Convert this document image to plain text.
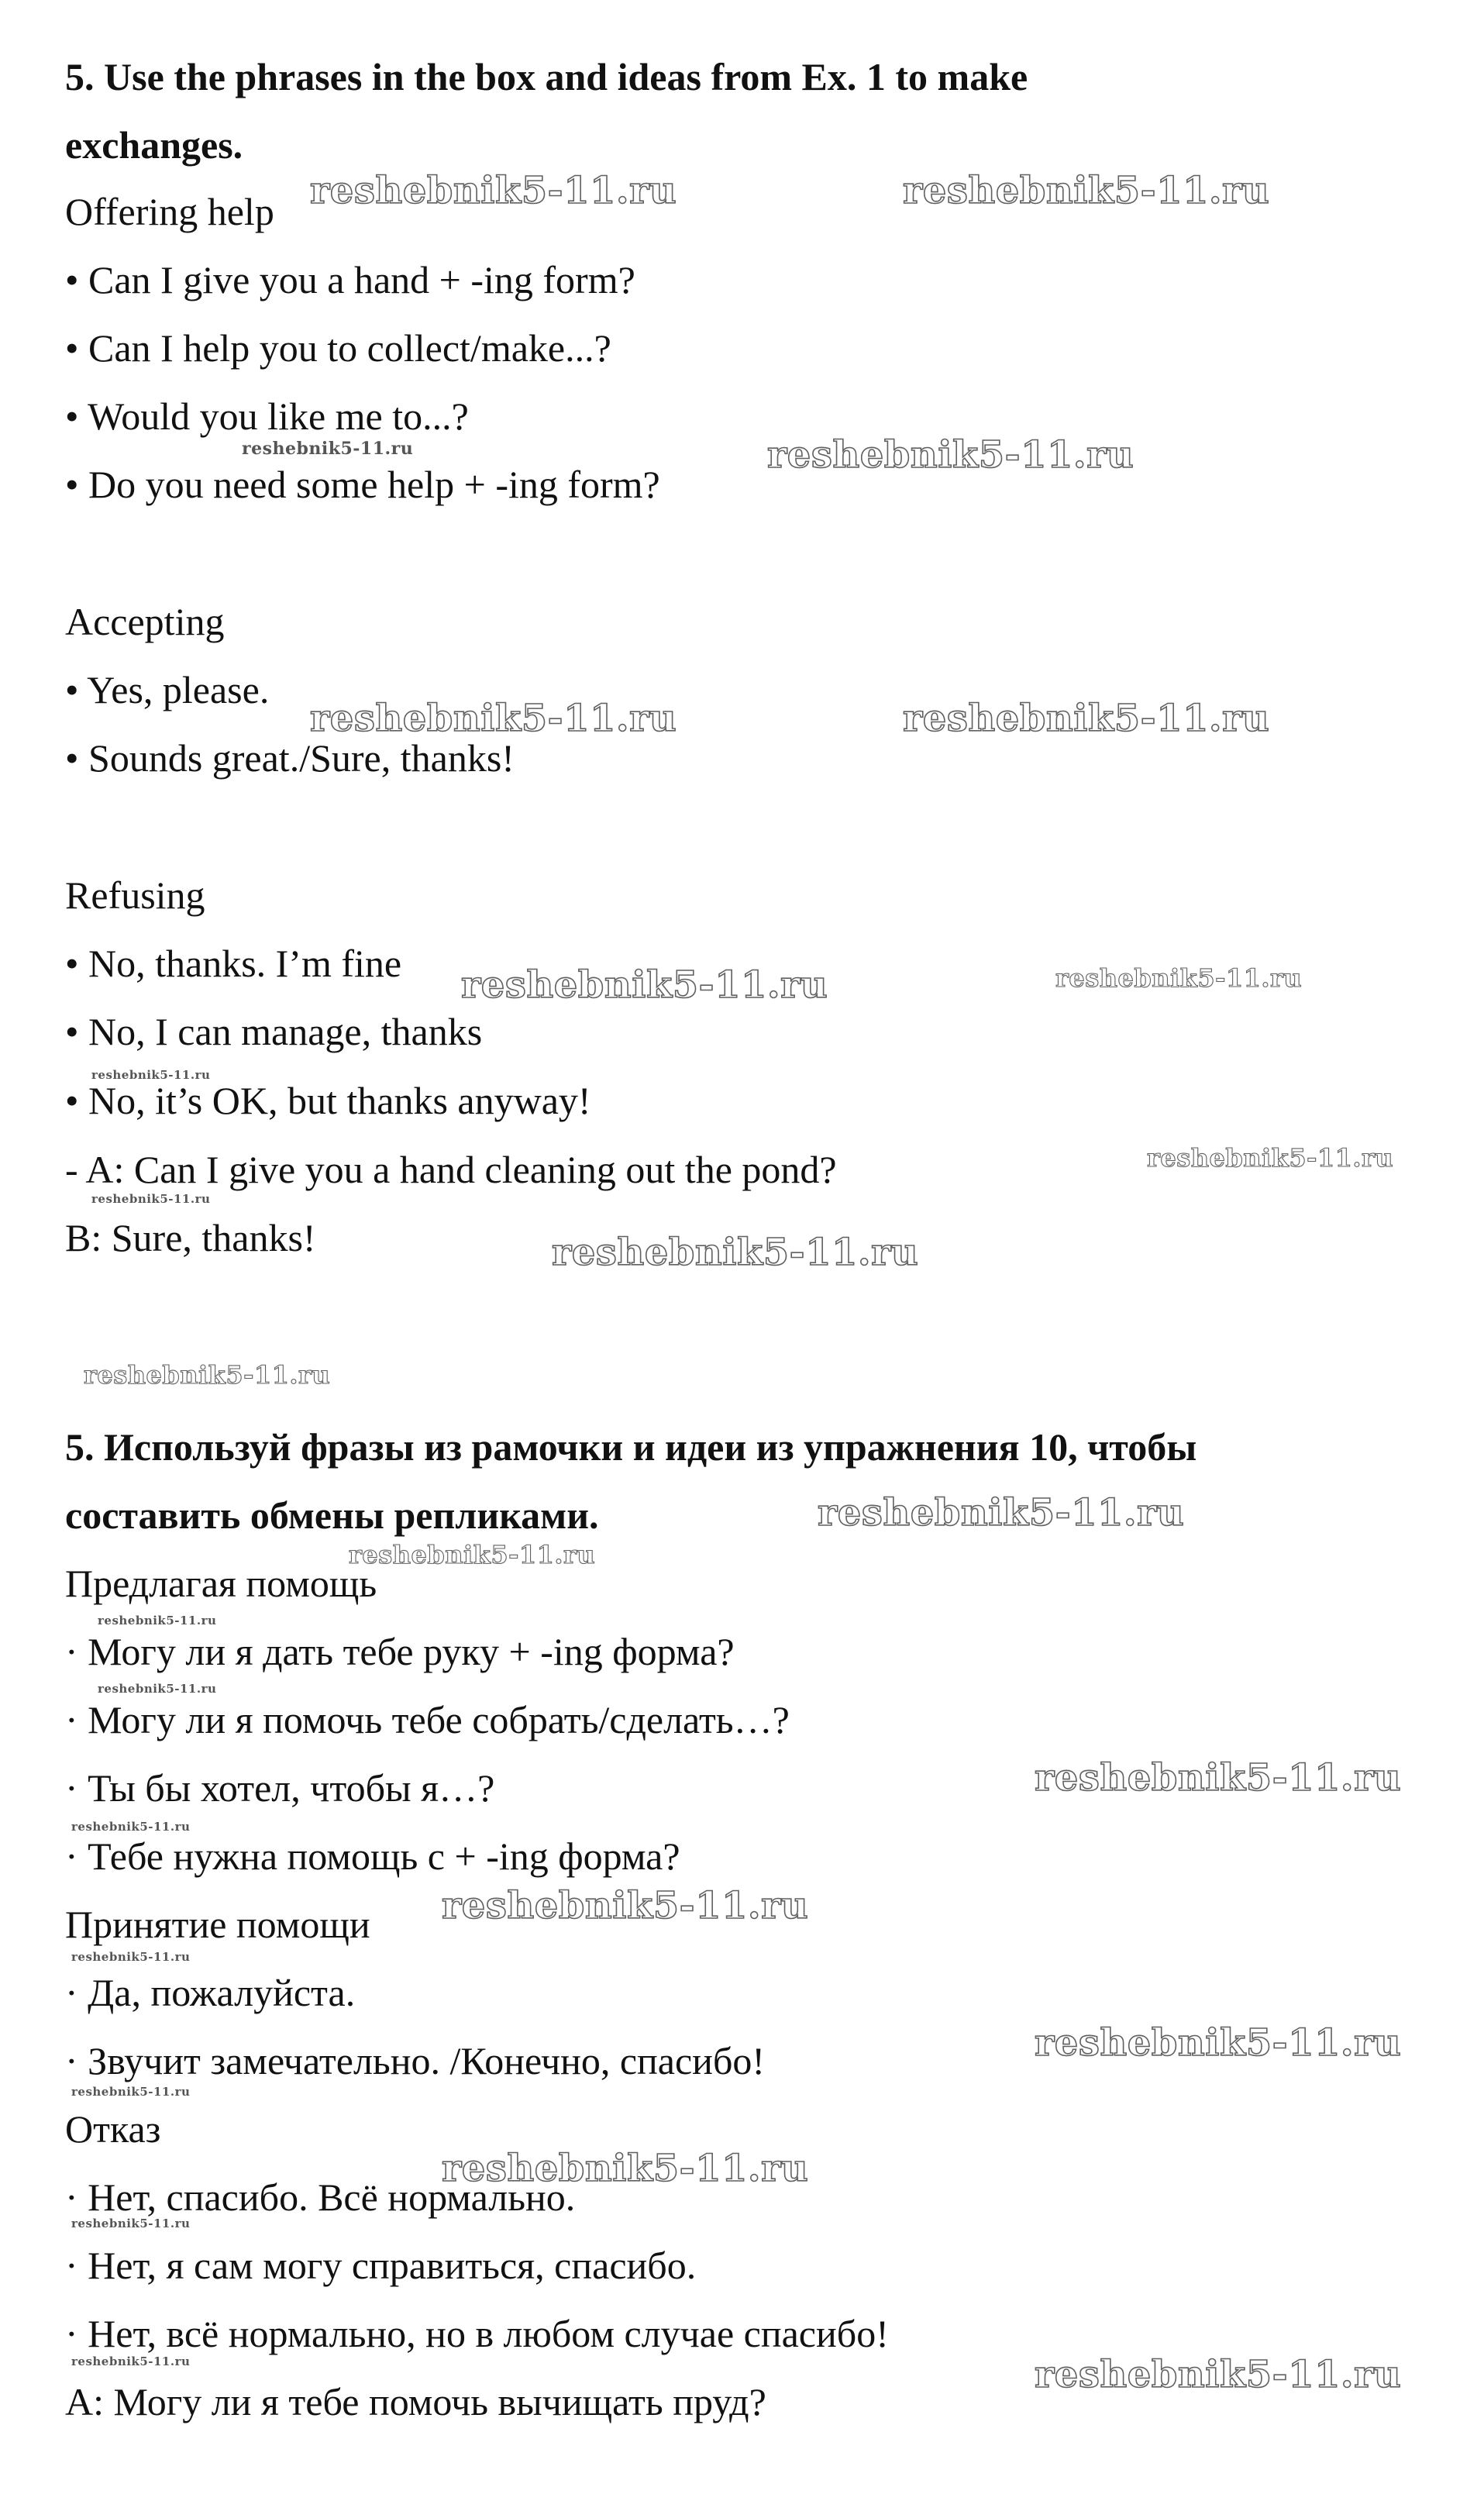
5. Use the phrases in the box and ideas from Ex. 1 to make
exchanges.
Offering help
• Can I give you a hand + -ing form?
• Can I help you to collect/make...?
• Would you like me to...?
• Do you need some help + -ing form?
Accepting
• Yes, please.
• Sounds great./Sure, thanks!
Refusing
• No, thanks. I’m fine
• No, I can manage, thanks
• No, it’s OK, but thanks anyway!
- A: Can I give you a hand cleaning out the pond?
B: Sure, thanks!
5. Используй фразы из рамочки и идеи из упражнения 10, чтобы
составить обмены репликами.
Предлагая помощь
· Могу ли я дать тебе руку + -ing форма?
· Могу ли я помочь тебе собрать/сделать…?
· Ты бы хотел, чтобы я…?
· Тебе нужна помощь с + -ing форма?
Принятие помощи
· Да, пожалуйста.
· Звучит замечательно. /Конечно, спасибо!
Отказ
· Нет, спасибо. Всё нормально.
· Нет, я сам могу справиться, спасибо.
· Нет, всё нормально, но в любом случае спасибо!
А: Могу ли я тебе помочь вычищать пруд?
reshebnik5-11.ru	reshebnik5-11.ru
reshebnik5-11.ru	reshebnik5-11.ru
reshebnik5-11.ru	reshebnik5-11.ru
reshebnik5-11.ru	reshebnik5-11.ru
reshebnik5-11.ru
reshebnik5-11.ru
reshebnik5-11.ru
reshebnik5-11.ru
reshebnik5-11.ru
reshebnik5-11.ru
reshebnik5-11.ru
reshebnik5-11.ru
reshebnik5-11.ru
reshebnik5-11.ru
reshebnik5-11.ru
reshebnik5-11.ru
reshebnik5-11.ru
reshebnik5-11.ru
reshebnik5-11.ru
reshebnik5-11.ru
reshebnik5-11.ru
reshebnik5-11.ru	reshebnik5-11.ru
